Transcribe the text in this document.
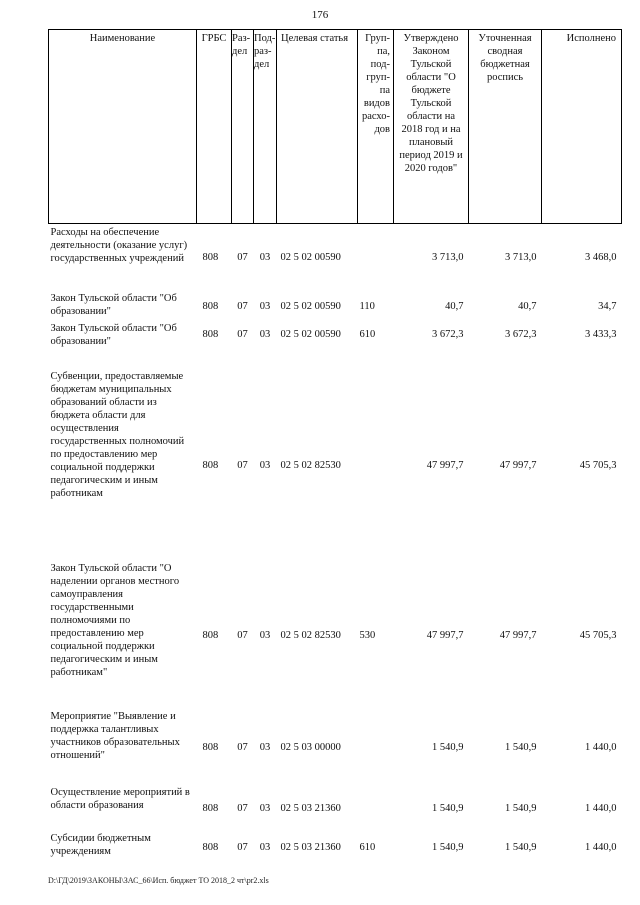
176
Наименование	ГРБС	Раз-дел	Под-раз-дел	Целевая статья	Груп-па, под-груп-па видов расхо-дов	Утверждено Законом Тульской области "О бюджете Тульской области на 2018 год и на плановый период 2019 и 2020 годов"	Уточненная сводная бюджетная роспись	Исполнено
Расходы на обеспечение деятельности (оказание услуг) государственных учреждений	808	07	03	02 5 02 00590		3 713,0	3 713,0	3 468,0
Закон Тульской области "Об образовании"	808	07	03	02 5 02 00590	110	40,7	40,7	34,7
Закон Тульской области "Об образовании"	808	07	03	02 5 02 00590	610	3 672,3	3 672,3	3 433,3
Субвенции, предоставляемые бюджетам муниципальных образований области из бюджета области для осуществления государственных полномочий по предоставлению мер социальной поддержки педагогическим и иным работникам	808	07	03	02 5 02 82530		47 997,7	47 997,7	45 705,3
Закон Тульской области "О наделении органов местного самоуправления государственными полномочиями по предоставлению мер социальной поддержки педагогическим и иным работникам"	808	07	03	02 5 02 82530	530	47 997,7	47 997,7	45 705,3
Мероприятие "Выявление и поддержка талантливых участников образовательных отношений"	808	07	03	02 5 03 00000		1 540,9	1 540,9	1 440,0
Осуществление мероприятий в области образования	808	07	03	02 5 03 21360		1 540,9	1 540,9	1 440,0
Субсидии бюджетным учреждениям	808	07	03	02 5 03 21360	610	1 540,9	1 540,9	1 440,0
D:\ГД\2019\ЗАКОНЫ\ЗАС_66\Исп. бюджет ТО 2018_2 чт\pr2.xls
